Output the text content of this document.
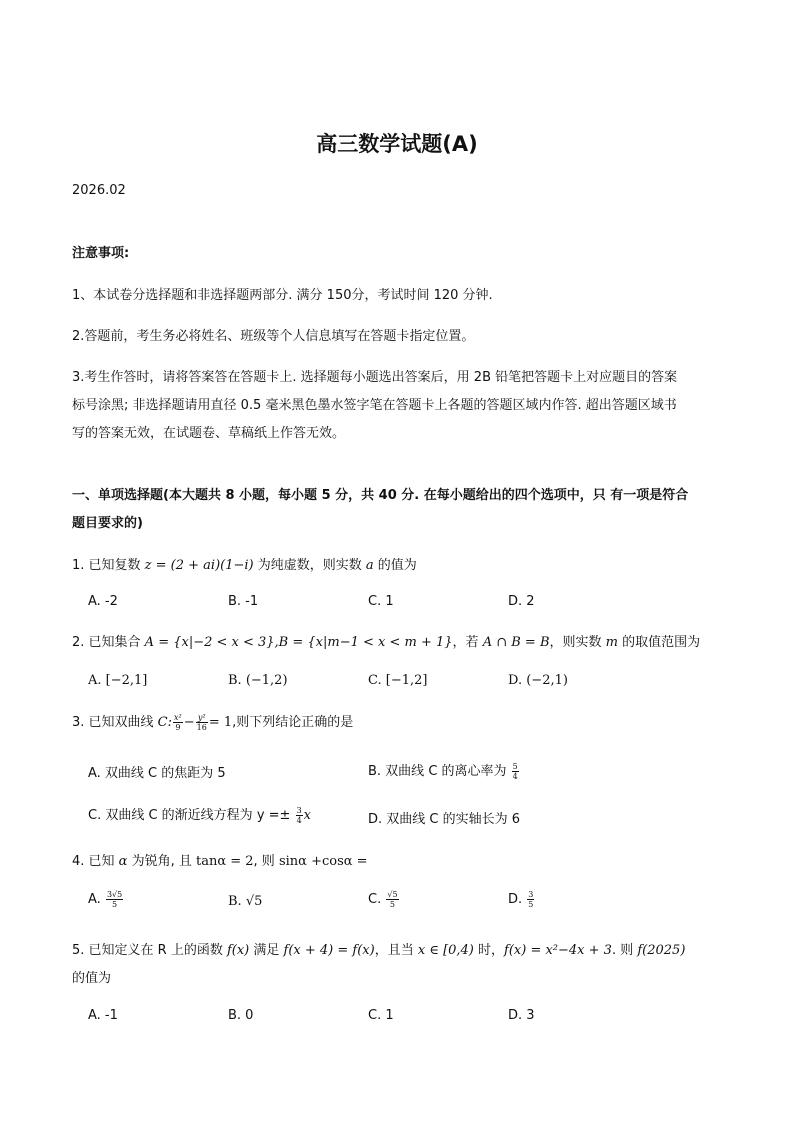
高三数学试题(A)
2026.02
注意事项:
1、本试卷分选择题和非选择题两部分. 满分 150分，考试时间 120 分钟.
2.答题前，考生务必将姓名、班级等个人信息填写在答题卡指定位置。
3.考生作答时，请将答案答在答题卡上. 选择题每小题选出答案后，用 2B 铅笔把答题卡上对应题目的答案
标号涂黑; 非选择题请用直径 0.5 毫米黑色墨水签字笔在答题卡上各题的答题区域内作答. 超出答题区域书
写的答案无效，在试题卷、草稿纸上作答无效。
一、单项选择题(本大题共 8 小题，每小题 5 分，共 40 分. 在每小题给出的四个选项中，只 有一项是符合
题目要求的)
1. 已知复数 z = (2 + ai)(1−i) 为纯虚数，则实数 a 的值为
A. -2	B. -1	C. 1	D. 2
2. 已知集合 A = {x|−2 < x < 3},B = {x|m−1 < x < m + 1}，若 A ∩ B = B，则实数 m 的取值范围为
A. [−2,1]	B. (−1,2)	C. [−1,2]	D. (−2,1)
3. 已知双曲线 C: $\frac{\text{x²}}{9} - \frac{\text{y²}}{16} = 1$,则下列结论正确的是
A. 双曲线 C 的焦距为 5	B. 双曲线 C 的离心率为 $\frac{5}{4}$
C. 双曲线 C 的渐近线方程为 $y =\pm \frac{3}{4}$ x	D. 双曲线 C 的实轴长为 6
4. 已知 α 为锐角, 且 tanα = 2, 则 sinα +cosα =
A. $\frac{3√5}{5}$	B. √5	C. $\frac{√5}{5}$	D. $\frac{3}{5}$
5. 已知定义在 R 上的函数 f(x) 满足 f(x + 4) = f(x)，且当 x ∈ [0,4) 时，f(x) = x²−4x + 3. 则 f(2025)
的值为
A. -1	B. 0	C. 1	D. 3
